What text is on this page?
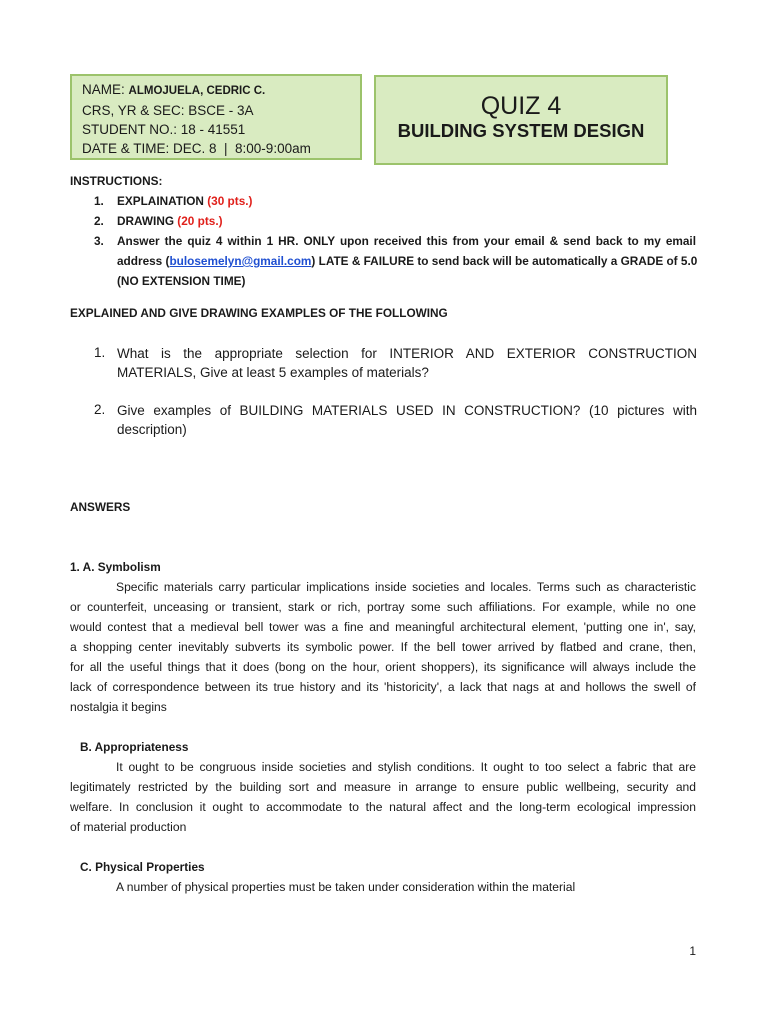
NAME: ALMOJUELA, CEDRIC C.
CRS, YR & SEC: BSCE - 3A
STUDENT NO.: 18 - 41551
DATE & TIME: DEC. 8  |  8:00-9:00am
QUIZ 4
BUILDING SYSTEM DESIGN
INSTRUCTIONS:
1. EXPLAINATION (30 pts.)
2. DRAWING (20 pts.)
3. Answer the quiz 4 within 1 HR. ONLY upon received this from your email & send back to my email
address (bulosemelyn@gmail.com) LATE & FAILURE to send back will be automatically a GRADE of 5.0
(NO EXTENSION TIME)
EXPLAINED AND GIVE DRAWING EXAMPLES OF THE FOLLOWING
1. What is the appropriate selection for INTERIOR AND EXTERIOR CONSTRUCTION
MATERIALS, Give at least 5 examples of materials?
2. Give examples of BUILDING MATERIALS USED IN CONSTRUCTION? (10 pictures with
description)
ANSWERS
1. A. Symbolism
Specific materials carry particular implications inside societies and locales. Terms such as characteristic
or counterfeit, unceasing or transient, stark or rich, portray some such affiliations. For example, while no one
would contest that a medieval bell tower was a fine and meaningful architectural element, 'putting one in', say,
a shopping center inevitably subverts its symbolic power. If the bell tower arrived by flatbed and crane, then,
for all the useful things that it does (bong on the hour, orient shoppers), its significance will always include the
lack of correspondence between its true history and its 'historicity', a lack that nags at and hollows the swell of
nostalgia it begins
B. Appropriateness
It ought to be congruous inside societies and stylish conditions. It ought to too select a fabric that are
legitimately restricted by the building sort and measure in arrange to ensure public wellbeing, security and
welfare. In conclusion it ought to accommodate to the natural affect and the long-term ecological impression
of material production
C. Physical Properties
A number of physical properties must be taken under consideration within the material
1
